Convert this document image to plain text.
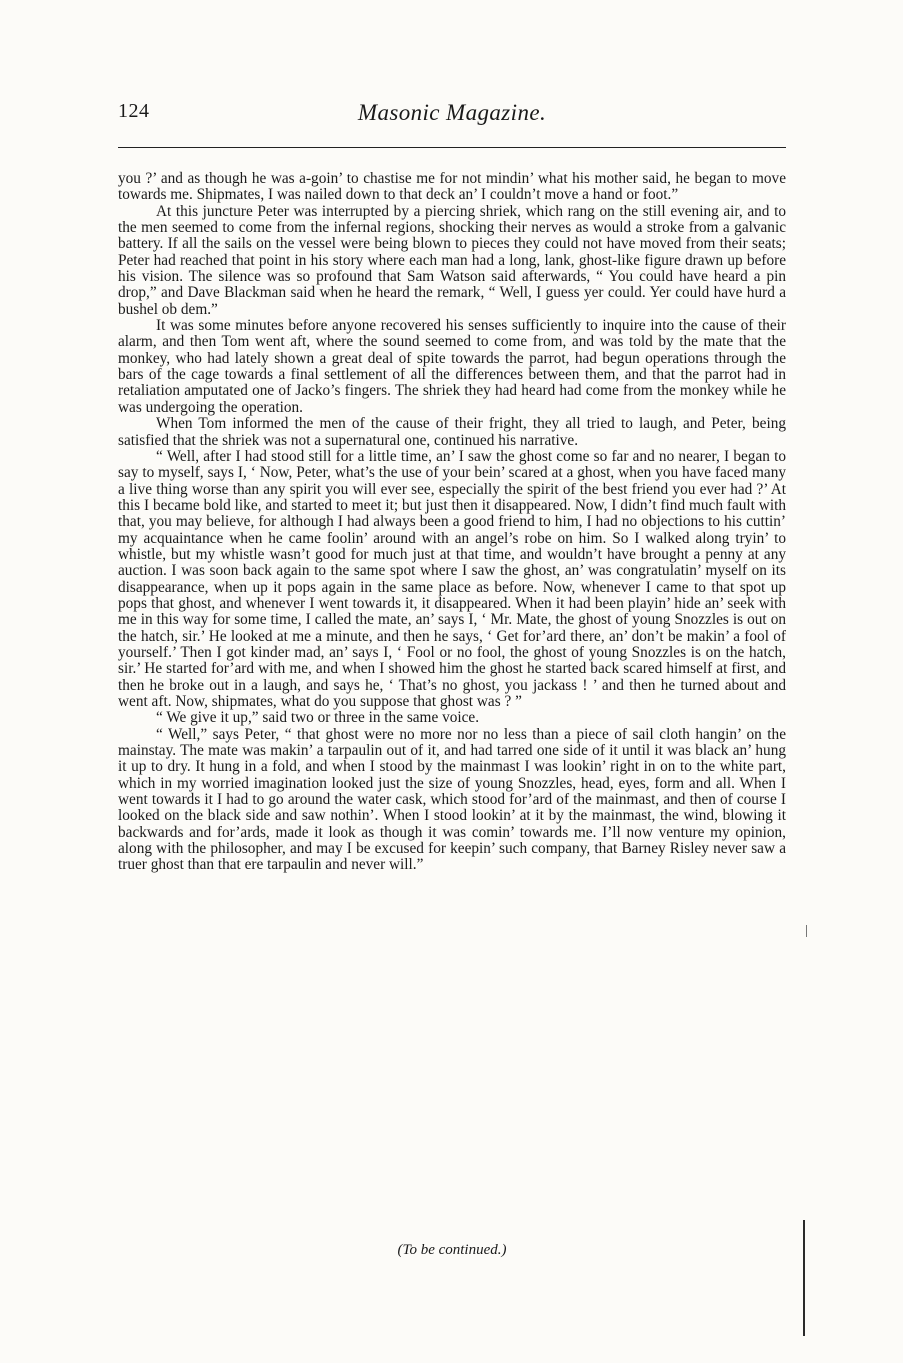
124	Masonic Magazine.

you ?’ and as though he was a-goin’ to chastise me for not mindin’ what his mother said, he began to move towards me. Shipmates, I was nailed down to that deck an’ I couldn’t move a hand or foot.”

At this juncture Peter was interrupted by a piercing shriek, which rang on the still evening air, and to the men seemed to come from the infernal regions, shocking their nerves as would a stroke from a galvanic battery. If all the sails on the vessel were being blown to pieces they could not have moved from their seats; Peter had reached that point in his story where each man had a long, lank, ghost-like figure drawn up before his vision. The silence was so profound that Sam Watson said afterwards, “ You could have heard a pin drop,” and Dave Blackman said when he heard the remark, “ Well, I guess yer could. Yer could have hurd a bushel ob dem.”

It was some minutes before anyone recovered his senses sufficiently to inquire into the cause of their alarm, and then Tom went aft, where the sound seemed to come from, and was told by the mate that the monkey, who had lately shown a great deal of spite towards the parrot, had begun operations through the bars of the cage towards a final settlement of all the differences between them, and that the parrot had in retaliation amputated one of Jacko’s fingers. The shriek they had heard had come from the monkey while he was undergoing the operation.

When Tom informed the men of the cause of their fright, they all tried to laugh, and Peter, being satisfied that the shriek was not a supernatural one, continued his narrative.

“ Well, after I had stood still for a little time, an’ I saw the ghost come so far and no nearer, I began to say to myself, says I, ‘ Now, Peter, what’s the use of your bein’ scared at a ghost, when you have faced many a live thing worse than any spirit you will ever see, especially the spirit of the best friend you ever had ?’ At this I became bold like, and started to meet it; but just then it disappeared. Now, I didn’t find much fault with that, you may believe, for although I had always been a good friend to him, I had no objections to his cuttin’ my acquaintance when he came foolin’ around with an angel’s robe on him. So I walked along tryin’ to whistle, but my whistle wasn’t good for much just at that time, and wouldn’t have brought a penny at any auction. I was soon back again to the same spot where I saw the ghost, an’ was congratulatin’ myself on its disappearance, when up it pops again in the same place as before. Now, whenever I came to that spot up pops that ghost, and whenever I went towards it, it disappeared. When it had been playin’ hide an’ seek with me in this way for some time, I called the mate, an’ says I, ‘ Mr. Mate, the ghost of young Snozzles is out on the hatch, sir.’ He looked at me a minute, and then he says, ‘ Get for’ard there, an’ don’t be makin’ a fool of yourself.’ Then I got kinder mad, an’ says I, ‘ Fool or no fool, the ghost of young Snozzles is on the hatch, sir.’ He started for’ard with me, and when I showed him the ghost he started back scared himself at first, and then he broke out in a laugh, and says he, ‘ That’s no ghost, you jackass ! ’ and then he turned about and went aft. Now, shipmates, what do you suppose that ghost was ? ”

“ We give it up,” said two or three in the same voice.

“ Well,” says Peter, “ that ghost were no more nor no less than a piece of sail cloth hangin’ on the mainstay. The mate was makin’ a tarpaulin out of it, and had tarred one side of it until it was black an’ hung it up to dry. It hung in a fold, and when I stood by the mainmast I was lookin’ right in on to the white part, which in my worried imagination looked just the size of young Snozzles, head, eyes, form and all. When I went towards it I had to go around the water cask, which stood for’ard of the mainmast, and then of course I looked on the black side and saw nothin’. When I stood lookin’ at it by the mainmast, the wind, blowing it backwards and for’ards, made it look as though it was comin’ towards me. I’ll now venture my opinion, along with the philosopher, and may I be excused for keepin’ such company, that Barney Risley never saw a truer ghost than that ere tarpaulin and never will.”

(To be continued.)
